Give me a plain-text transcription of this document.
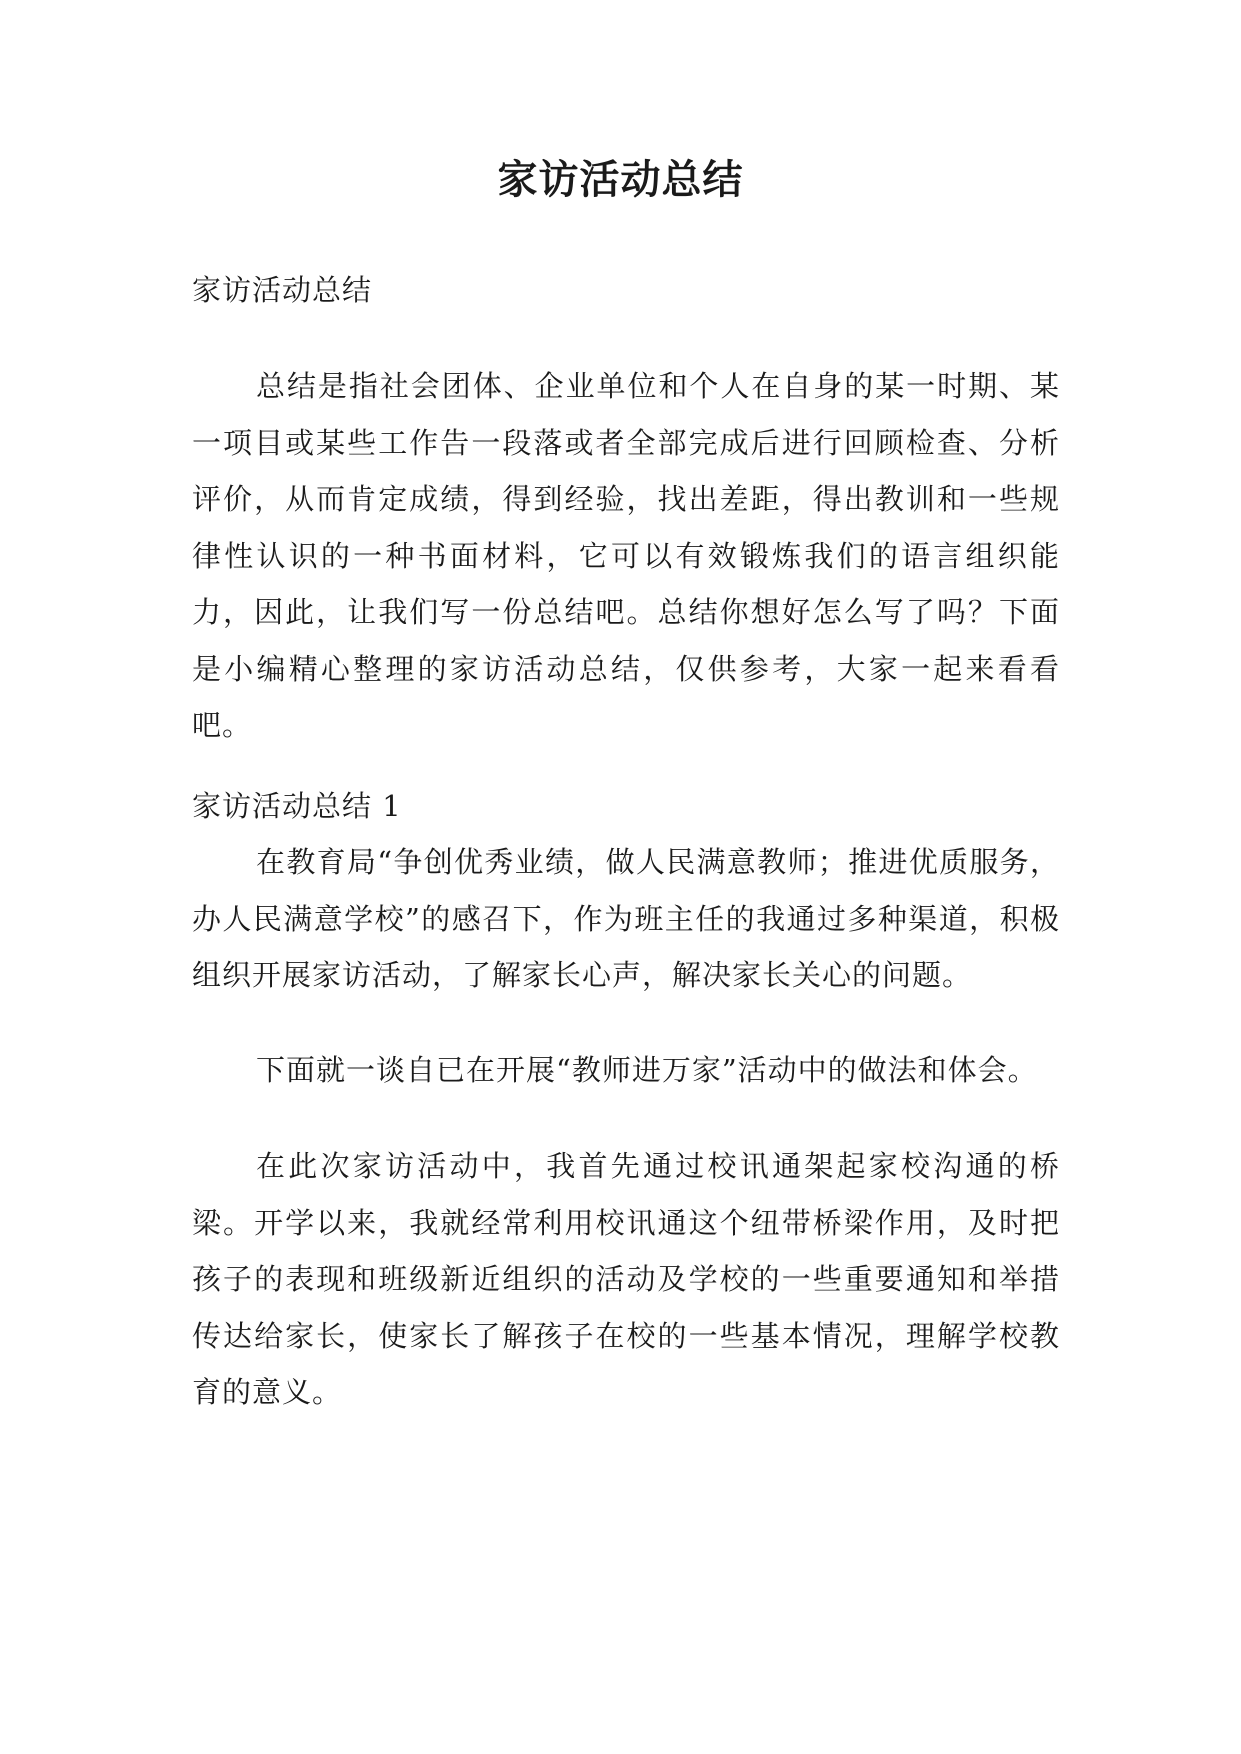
家访活动总结

家访活动总结

总结是指社会团体、企业单位和个人在自身的某一时期、某一项目或某些工作告一段落或者全部完成后进行回顾检查、分析评价，从而肯定成绩，得到经验，找出差距，得出教训和一些规律性认识的一种书面材料，它可以有效锻炼我们的语言组织能力，因此，让我们写一份总结吧。总结你想好怎么写了吗？下面是小编精心整理的家访活动总结，仅供参考，大家一起来看看吧。

家访活动总结 1

在教育局“争创优秀业绩，做人民满意教师；推进优质服务，办人民满意学校”的感召下，作为班主任的我通过多种渠道，积极组织开展家访活动，了解家长心声，解决家长关心的问题。

下面就一谈自已在开展“教师进万家”活动中的做法和体会。

在此次家访活动中，我首先通过校讯通架起家校沟通的桥梁。开学以来，我就经常利用校讯通这个纽带桥梁作用，及时把孩子的表现和班级新近组织的活动及学校的一些重要通知和举措传达给家长，使家长了解孩子在校的一些基本情况，理解学校教育的意义。
